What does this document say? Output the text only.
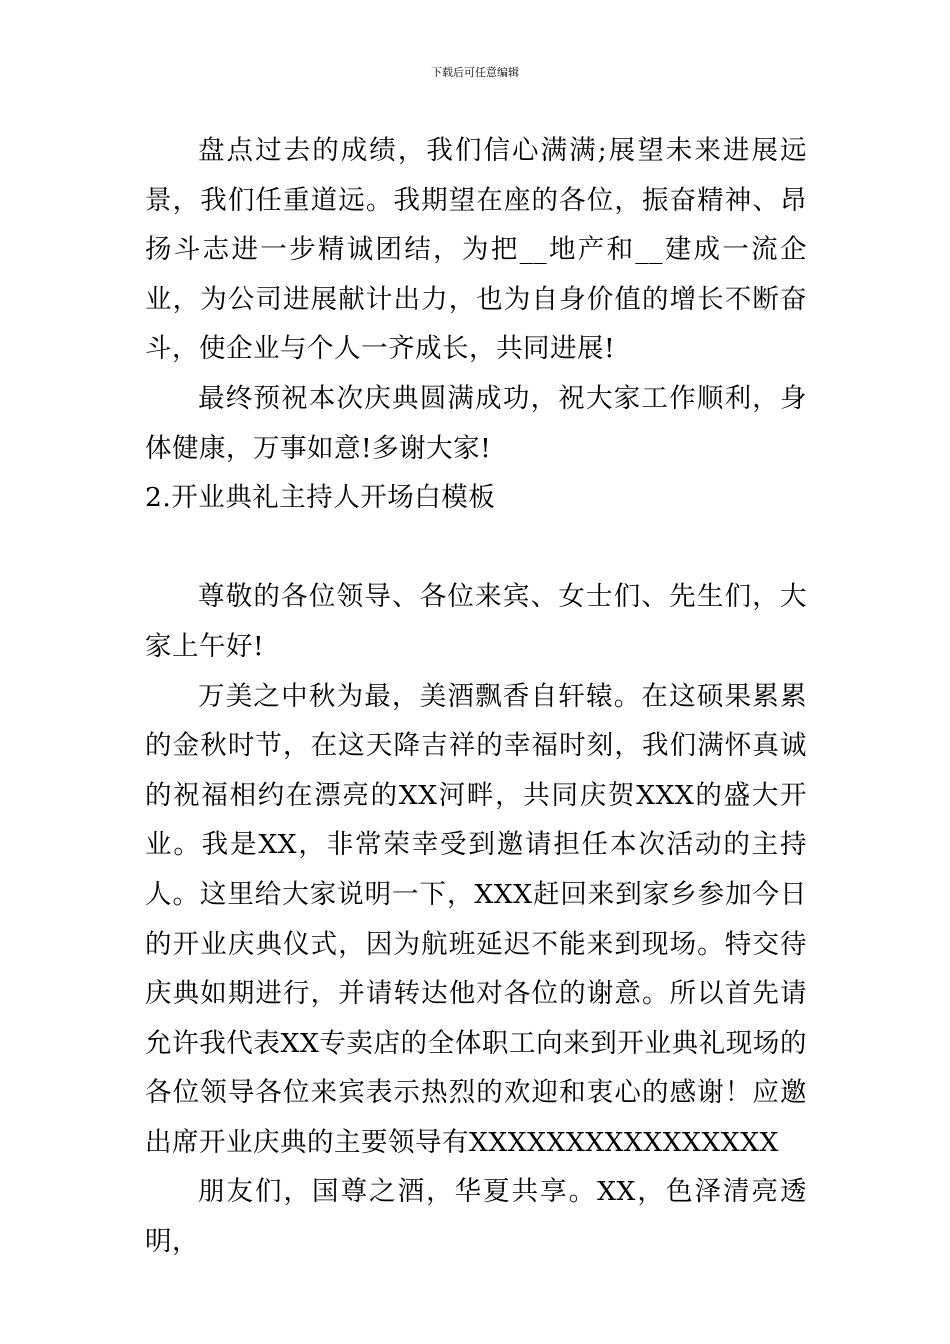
下载后可任意编辑

盘点过去的成绩，我们信心满满;展望未来进展远景，我们任重道远。我期望在座的各位，振奋精神、昂扬斗志进一步精诚团结，为把__地产和__建成一流企业，为公司进展献计出力，也为自身价值的增长不断奋斗，使企业与个人一齐成长，共同进展!

最终预祝本次庆典圆满成功，祝大家工作顺利，身体健康，万事如意!多谢大家!

2.开业典礼主持人开场白模板

尊敬的各位领导、各位来宾、女士们、先生们，大家上午好!

万美之中秋为最，美酒飘香自轩辕。在这硕果累累的金秋时节，在这天降吉祥的幸福时刻，我们满怀真诚的祝福相约在漂亮的XX河畔，共同庆贺XXX的盛大开业。我是XX，非常荣幸受到邀请担任本次活动的主持人。这里给大家说明一下，XXX赶回来到家乡参加今日的开业庆典仪式，因为航班延迟不能来到现场。特交待庆典如期进行，并请转达他对各位的谢意。所以首先请允许我代表XX专卖店的全体职工向来到开业典礼现场的各位领导各位来宾表示热烈的欢迎和衷心的感谢！应邀出席开业庆典的主要领导有XXXXXXXXXXXXXXXX

朋友们，国尊之酒，华夏共享。XX，色泽清亮透明，
